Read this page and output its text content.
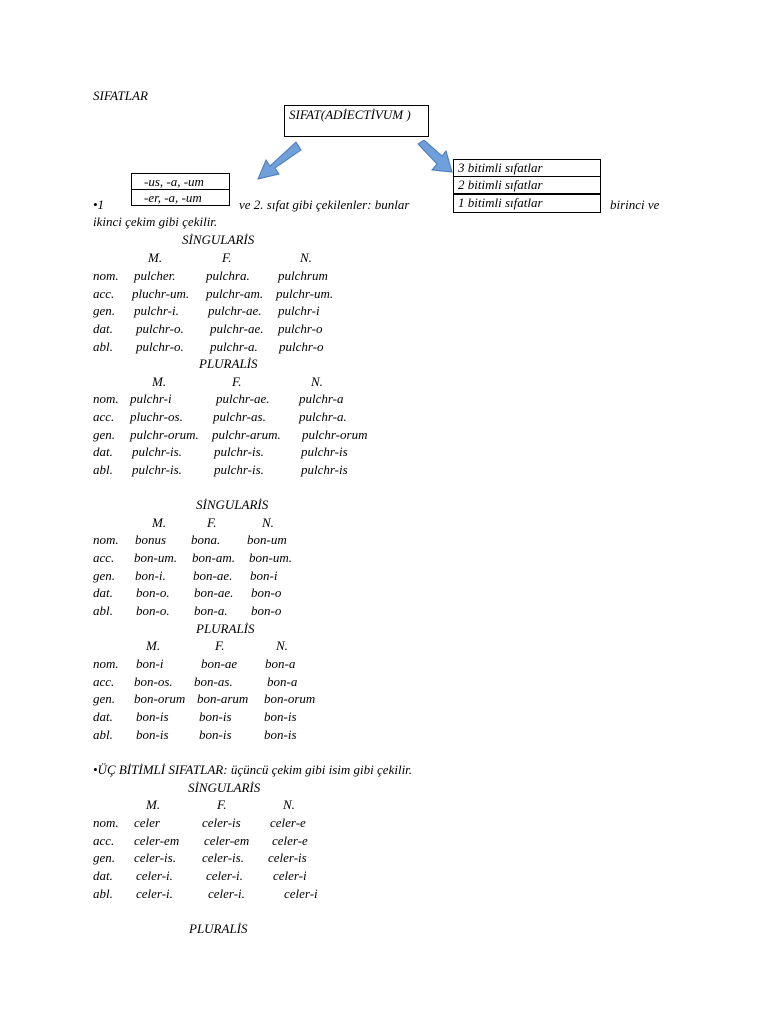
SIFATLAR
SIFAT(ADİECTİVUM )
-us, -a, -um
-er, -a, -um
3 bitimli sıfatlar
2 bitimli sıfatlar
1 bitimli sıfatlar
•1	ve 2. sıfat gibi çekilenler: bunlar	birinci ve
ikinci çekim gibi çekilir.
SİNGULARİS
M.	F.	N.
nom. pulcher. pulchra. pulchrum
acc. pluchr-um. pulchr-am. pulchr-um.
gen. pulchr-i. pulchr-ae. pulchr-i
dat. pulchr-o. pulchr-ae. pulchr-o
abl. pulchr-o. pulchr-a. pulchr-o
PLURALİS
M.	F.	N.
nom. pulchr-i	pulchr-ae. pulchr-a
acc. pluchr-os. pulchr-as.	pulchr-a.
gen. pulchr-orum. pulchr-arum. pulchr-orum
dat. pulchr-is. pulchr-is.	pulchr-is
abl. pulchr-is. pulchr-is.	pulchr-is
SİNGULARİS
M.	F.	N.
nom. bonus bona. bon-um
acc. bon-um. bon-am. bon-um.
gen. bon-i. bon-ae. bon-i
dat. bon-o. bon-ae. bon-o
abl. bon-o. bon-a. bon-o
PLURALİS
M.	F.	N.
nom. bon-i	bon-ae bon-a
acc. bon-os. bon-as.	bon-a
gen. bon-orum bon-arum bon-orum
dat. bon-is bon-is	bon-is
abl. bon-is bon-is	bon-is
•ÜÇ BİTİMLİ SIFATLAR: üçüncü çekim gibi isim gibi çekilir.
SİNGULARİS
M.	F.	N.
nom. celer	celer-is celer-e
acc. celer-em celer-em celer-e
gen. celer-is. celer-is. celer-is
dat. celer-i.	celer-i. celer-i
abl. celer-i.	celer-i.	celer-i
PLURALİS
